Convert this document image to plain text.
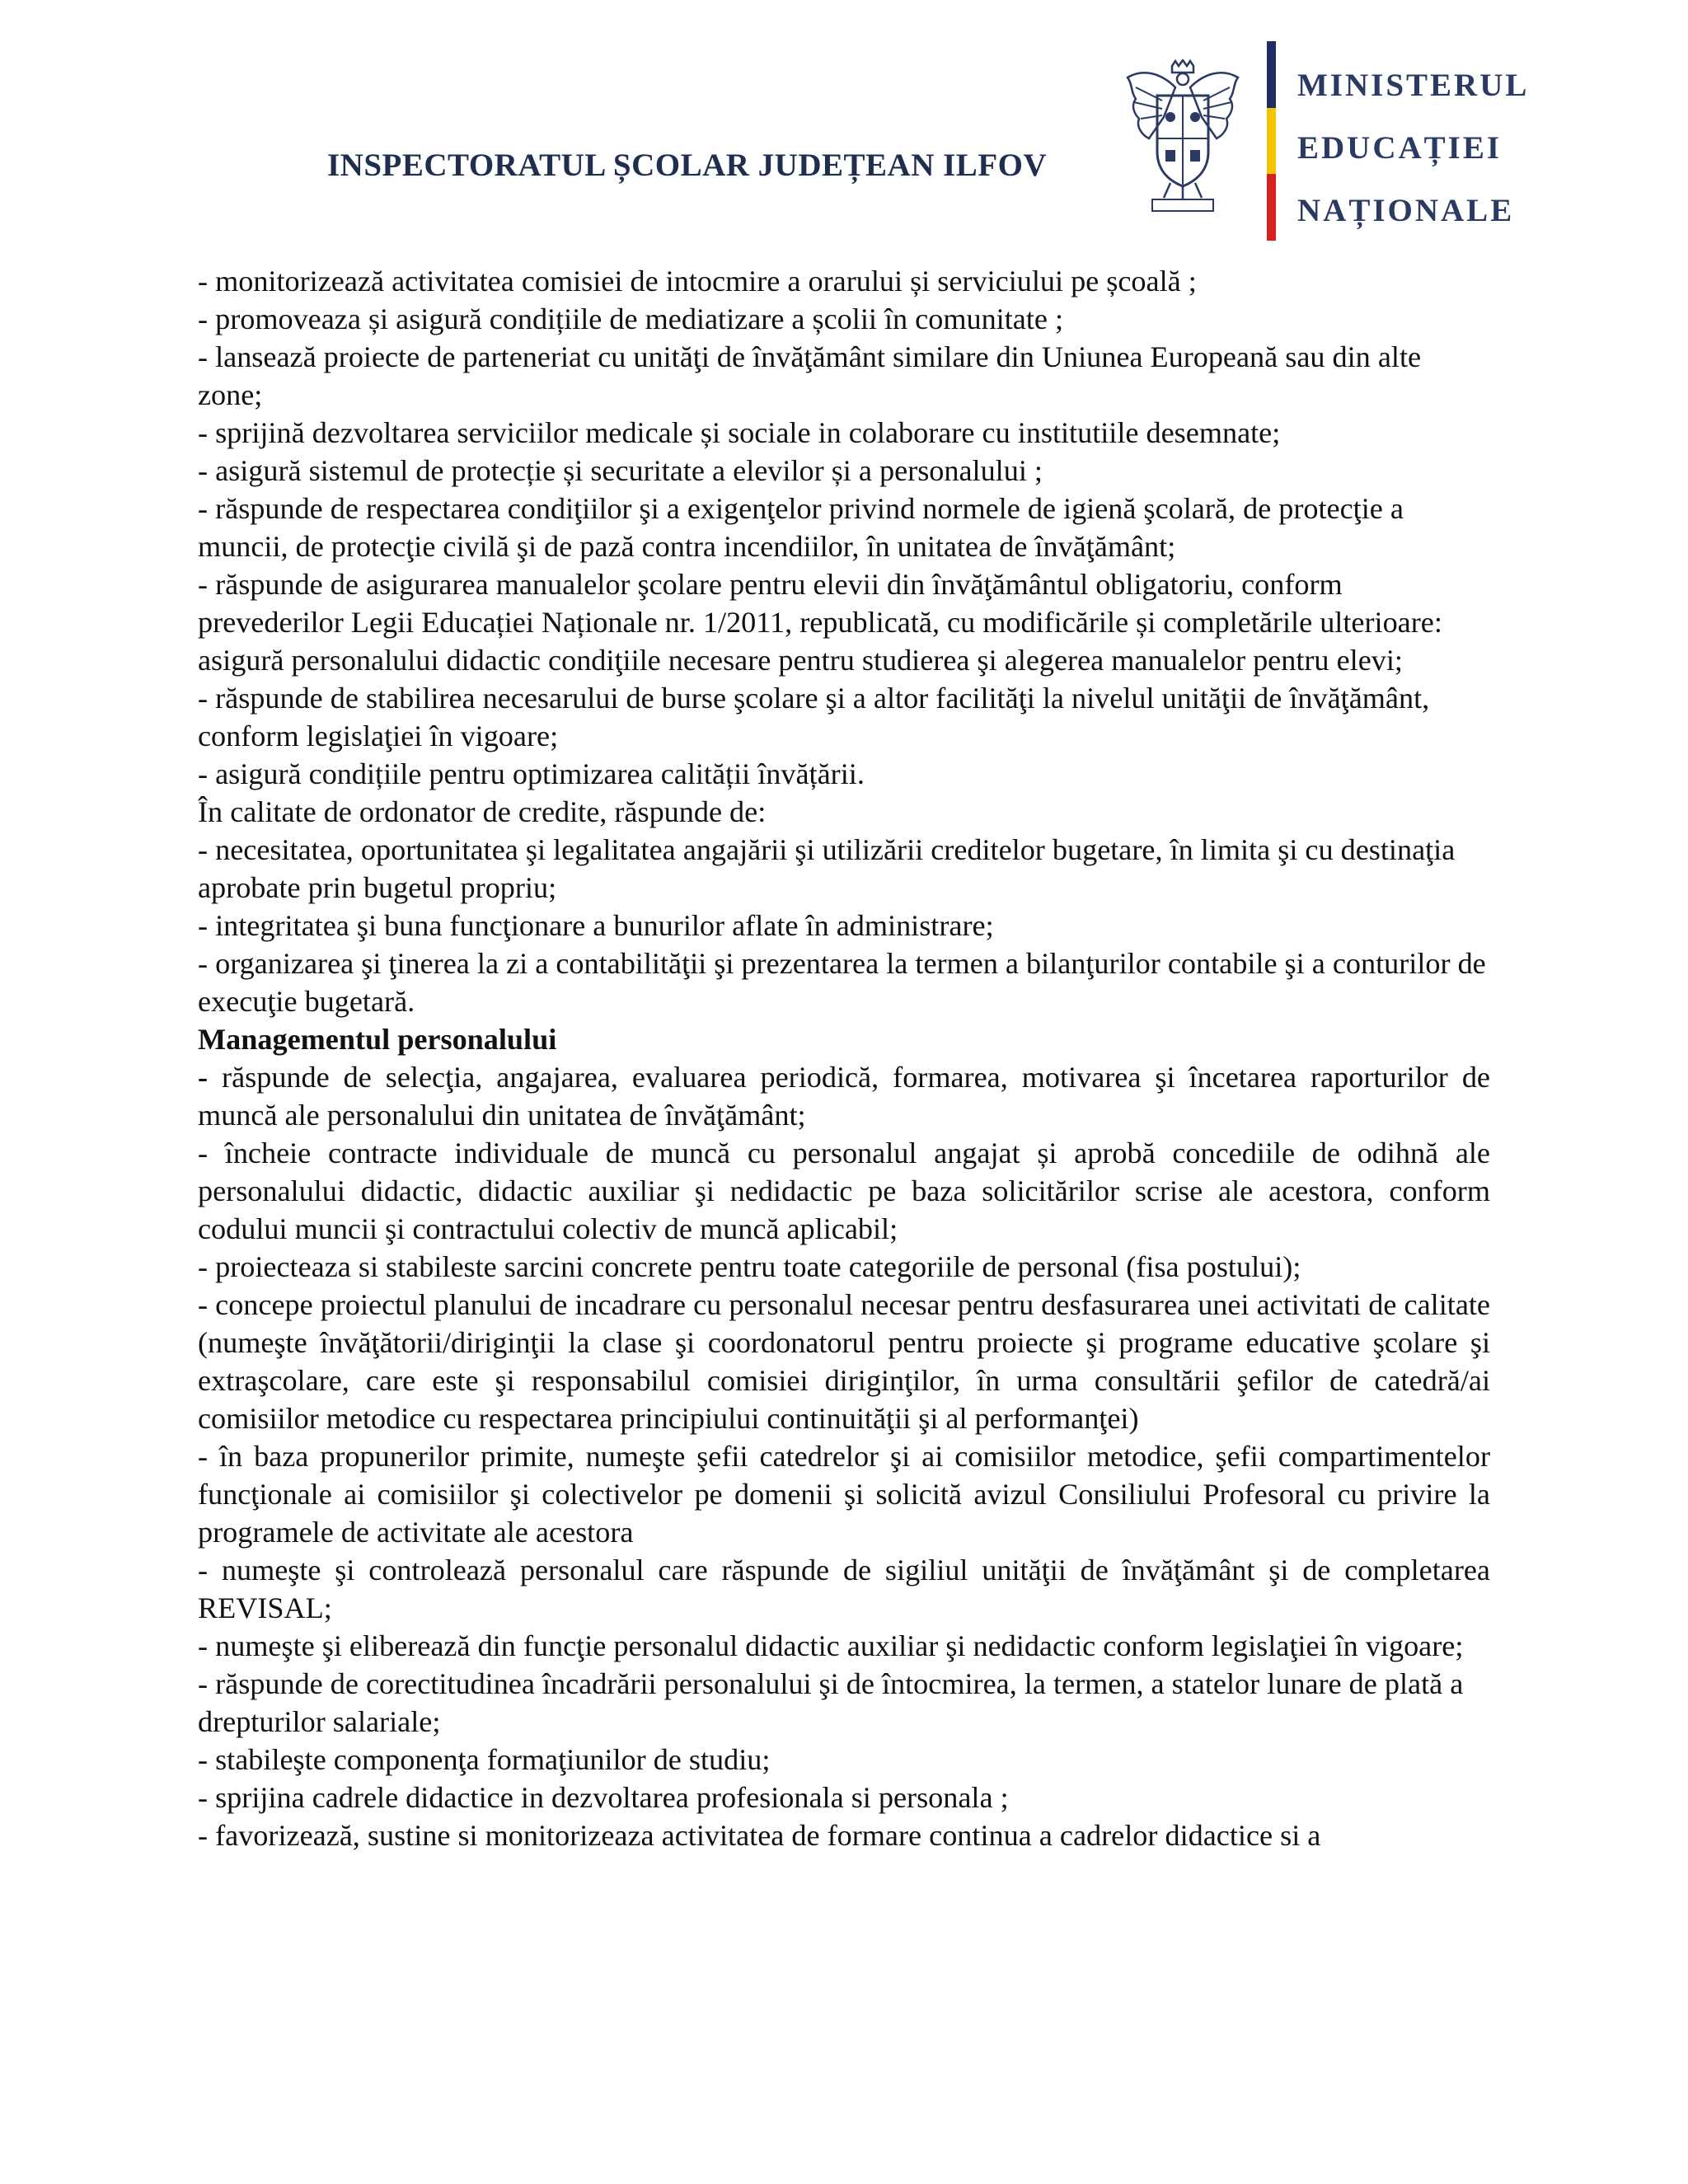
INSPECTORATUL ȘCOLAR JUDEȚEAN ILFOV
MINISTERUL
EDUCAȚIEI
NAȚIONALE

- monitorizează activitatea comisiei de intocmire a orarului și serviciului pe școală ;

- promoveaza și asigură condițiile de mediatizare a școlii în comunitate ;

- lansează proiecte de parteneriat cu unităţi de învăţământ similare din Uniunea Europeană sau din alte zone;

- sprijină dezvoltarea serviciilor medicale și sociale in colaborare cu institutiile desemnate;

- asigură sistemul de protecție și securitate a elevilor și a personalului ;

- răspunde de respectarea condiţiilor şi a exigenţelor privind normele de igienă şcolară, de protecţie a muncii, de protecţie civilă şi de pază contra incendiilor, în unitatea de învăţământ;

- răspunde de asigurarea manualelor şcolare pentru elevii din învăţământul obligatoriu, conform prevederilor Legii Educației Naționale nr. 1/2011, republicată, cu modificările și completările ulterioare: asigură personalului didactic condiţiile necesare pentru studierea şi alegerea manualelor pentru elevi;

- răspunde de stabilirea necesarului de burse şcolare şi a altor facilităţi la nivelul unităţii de învăţământ, conform legislaţiei în vigoare;

- asigură condițiile pentru optimizarea calității învățării.

În calitate de ordonator de credite, răspunde de:

- necesitatea, oportunitatea şi legalitatea angajării şi utilizării creditelor bugetare, în limita şi cu destinaţia aprobate prin bugetul propriu;

- integritatea şi buna funcţionare a bunurilor aflate în administrare;

- organizarea şi ţinerea la zi a contabilităţii şi prezentarea la termen a bilanţurilor contabile şi a conturilor de execuţie bugetară.

Managementul personalului

- răspunde de selecţia, angajarea, evaluarea periodică, formarea, motivarea şi încetarea raporturilor de muncă ale personalului din unitatea de învăţământ;

- încheie contracte individuale de muncă cu personalul angajat și aprobă concediile de odihnă ale personalului didactic, didactic auxiliar şi nedidactic pe baza solicitărilor scrise ale acestora, conform codului muncii şi contractului colectiv de muncă aplicabil;

- proiecteaza si stabileste sarcini concrete pentru toate categoriile de personal (fisa postului);

- concepe proiectul planului de incadrare cu personalul necesar pentru desfasurarea unei activitati de calitate (numeşte învăţătorii/diriginţii la clase şi coordonatorul pentru proiecte şi programe educative şcolare şi extraşcolare, care este şi responsabilul comisiei diriginţilor, în urma consultării şefilor de catedră/ai comisiilor metodice cu respectarea principiului continuităţii şi al performanţei)

- în baza propunerilor primite, numeşte şefii catedrelor şi ai comisiilor metodice, şefii compartimentelor funcţionale ai comisiilor şi colectivelor pe domenii şi solicită avizul Consiliului Profesoral cu privire la programele de activitate ale acestora

- numeşte şi controlează personalul care răspunde de sigiliul unităţii de învăţământ şi de completarea REVISAL;

- numeşte şi eliberează din funcţie personalul didactic auxiliar şi nedidactic conform legislaţiei în vigoare;

- răspunde de corectitudinea încadrării personalului şi de întocmirea, la termen, a statelor lunare de plată a drepturilor salariale;

- stabileşte componenţa formaţiunilor de studiu;

- sprijina cadrele didactice in dezvoltarea profesionala si personala ;

- favorizează, sustine si monitorizeaza activitatea de formare continua a cadrelor didactice si a
